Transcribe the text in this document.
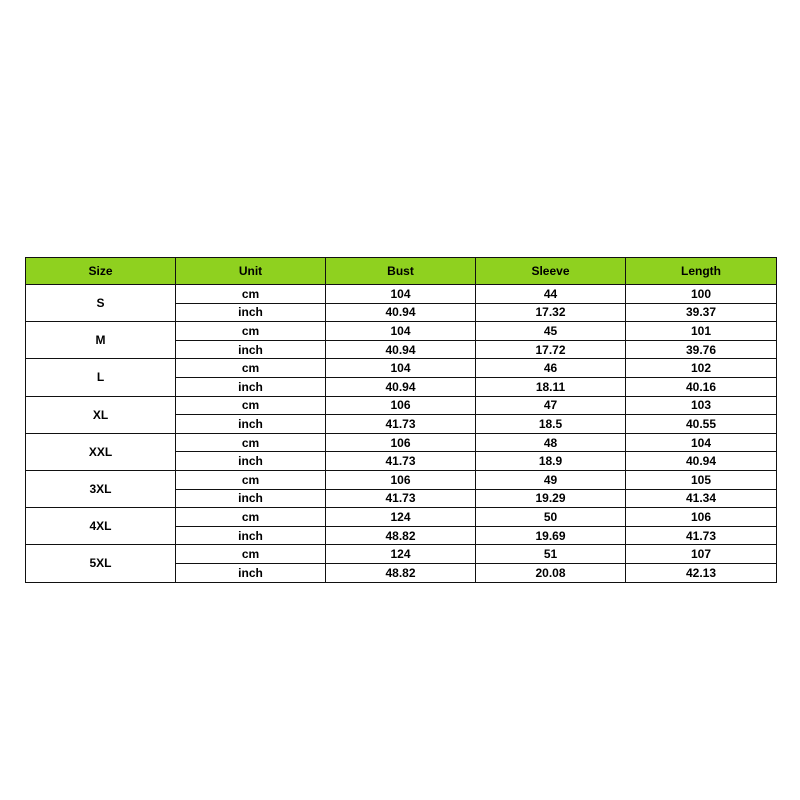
Size	Unit	Bust	Sleeve	Length
S	cm	104	44	100
	inch	40.94	17.32	39.37
M	cm	104	45	101
	inch	40.94	17.72	39.76
L	cm	104	46	102
	inch	40.94	18.11	40.16
XL	cm	106	47	103
	inch	41.73	18.5	40.55
XXL	cm	106	48	104
	inch	41.73	18.9	40.94
3XL	cm	106	49	105
	inch	41.73	19.29	41.34
4XL	cm	124	50	106
	inch	48.82	19.69	41.73
5XL	cm	124	51	107
	inch	48.82	20.08	42.13
